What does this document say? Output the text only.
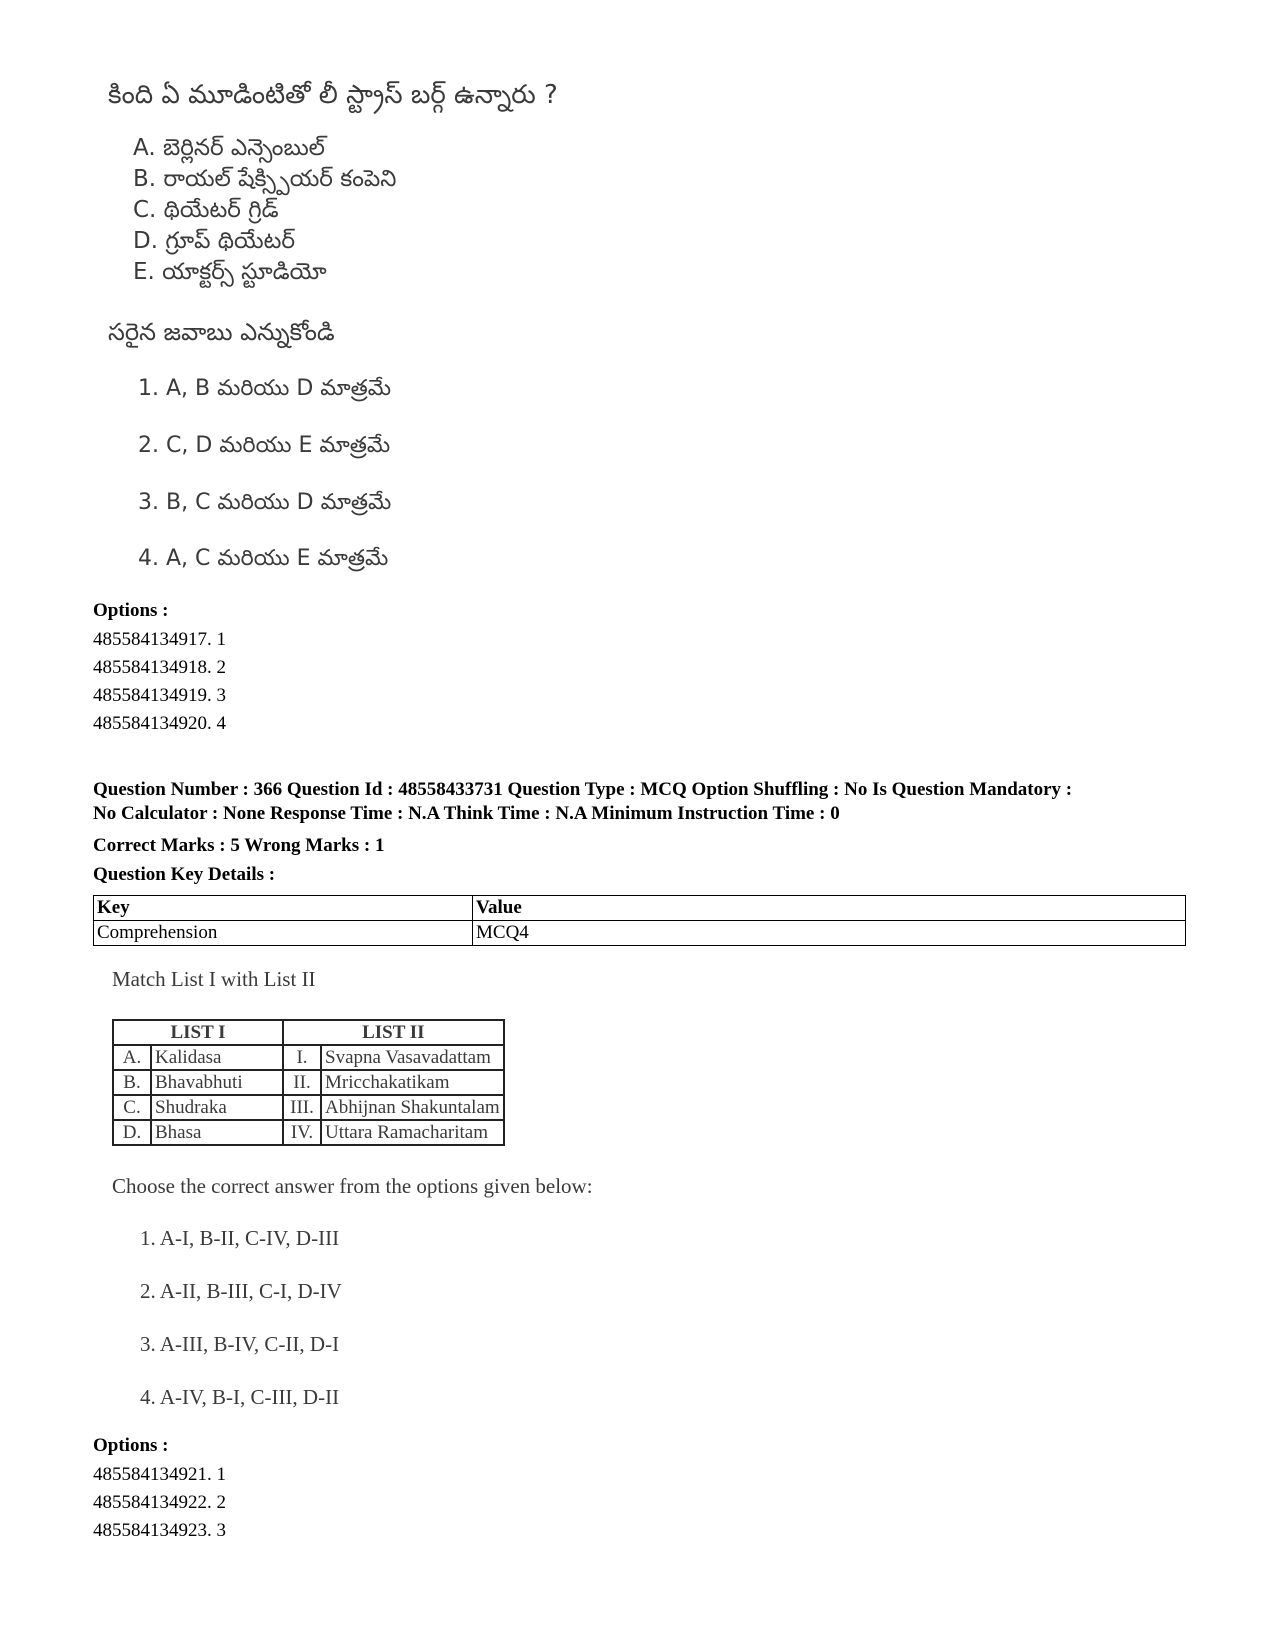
కింది ఏ మూడింటితో లీ స్ట్రాస్ బర్గ్ ఉన్నారు ?
A. బెర్లినర్ ఎన్సెంబుల్
B. రాయల్ షేక్స్పియర్ కంపెని
C. థియేటర్ గ్రిడ్
D. గ్రూప్ థియేటర్
E. యాక్టర్స్ స్టూడియో
సరైన జవాబు ఎన్నుకోండి
1. A, B మరియు D మాత్రమే
2. C, D మరియు E మాత్రమే
3. B, C మరియు D మాత్రమే
4. A, C మరియు E మాత్రమే
Options :
485584134917. 1
485584134918. 2
485584134919. 3
485584134920. 4
Question Number : 366 Question Id : 48558433731 Question Type : MCQ Option Shuffling : No Is Question Mandatory :
No Calculator : None Response Time : N.A Think Time : N.A Minimum Instruction Time : 0
Correct Marks : 5 Wrong Marks : 1
Question Key Details :
Key	Value
Comprehension	MCQ4
Match List I with List II
LIST I		LIST II	
A.	Kalidasa	I.	Svapna Vasavadattam
B.	Bhavabhuti	II.	Mricchakatikam
C.	Shudraka	III.	Abhijnan Shakuntalam
D.	Bhasa	IV.	Uttara Ramacharitam
Choose the correct answer from the options given below:
1. A-I, B-II, C-IV, D-III
2. A-II, B-III, C-I, D-IV
3. A-III, B-IV, C-II, D-I
4. A-IV, B-I, C-III, D-II
Options :
485584134921. 1
485584134922. 2
485584134923. 3
